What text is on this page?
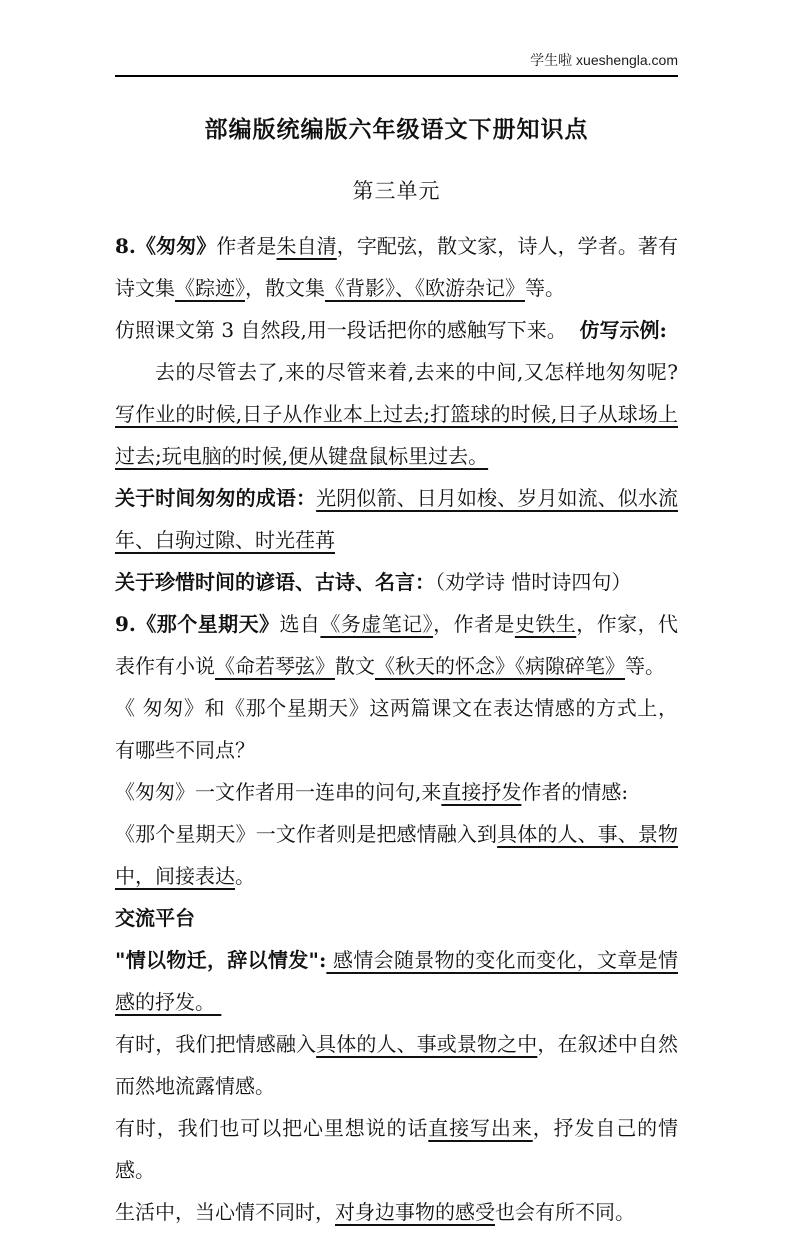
学生啦 xueshengla.com
部编版统编版六年级语文下册知识点
第三单元

8.《匆匆》作者是朱自清，字配弦，散文家，诗人，学者。著有诗文集《踪迹》，散文集《背影》、《欧游杂记》等。

仿照课文第 3 自然段,用一段话把你的感触写下来。  仿写示例:

去的尽管去了,来的尽管来着,去来的中间,又怎样地匆匆呢?写作业的时候,日子从作业本上过去;打篮球的时候,日子从球场上过去;玩电脑的时候,便从键盘鼠标里过去。

关于时间匆匆的成语：光阴似箭、日月如梭、岁月如流、似水流年、白驹过隙、时光荏苒

关于珍惜时间的谚语、古诗、名言：（劝学诗 惜时诗四句）

9.《那个星期天》选自《务虚笔记》，作者是史铁生，作家，代表作有小说《命若琴弦》散文《秋天的怀念》《病隙碎笔》等。

《 匆匆》和《那个星期天》这两篇课文在表达情感的方式上，有哪些不同点？

《匆匆》一文作者用一连串的问句,来直接抒发作者的情感:

《那个星期天》一文作者则是把感情融入到具体的人、事、景物中，间接表达。

交流平台

"情以物迁，辞以情发": 感情会随景物的变化而变化，文章是情感的抒发。

有时，我们把情感融入具体的人、事或景物之中，在叙述中自然而然地流露情感。

有时，我们也可以把心里想说的话直接写出来，抒发自己的情感。

生活中，当心情不同时，对身边事物的感受也会有所不同。
